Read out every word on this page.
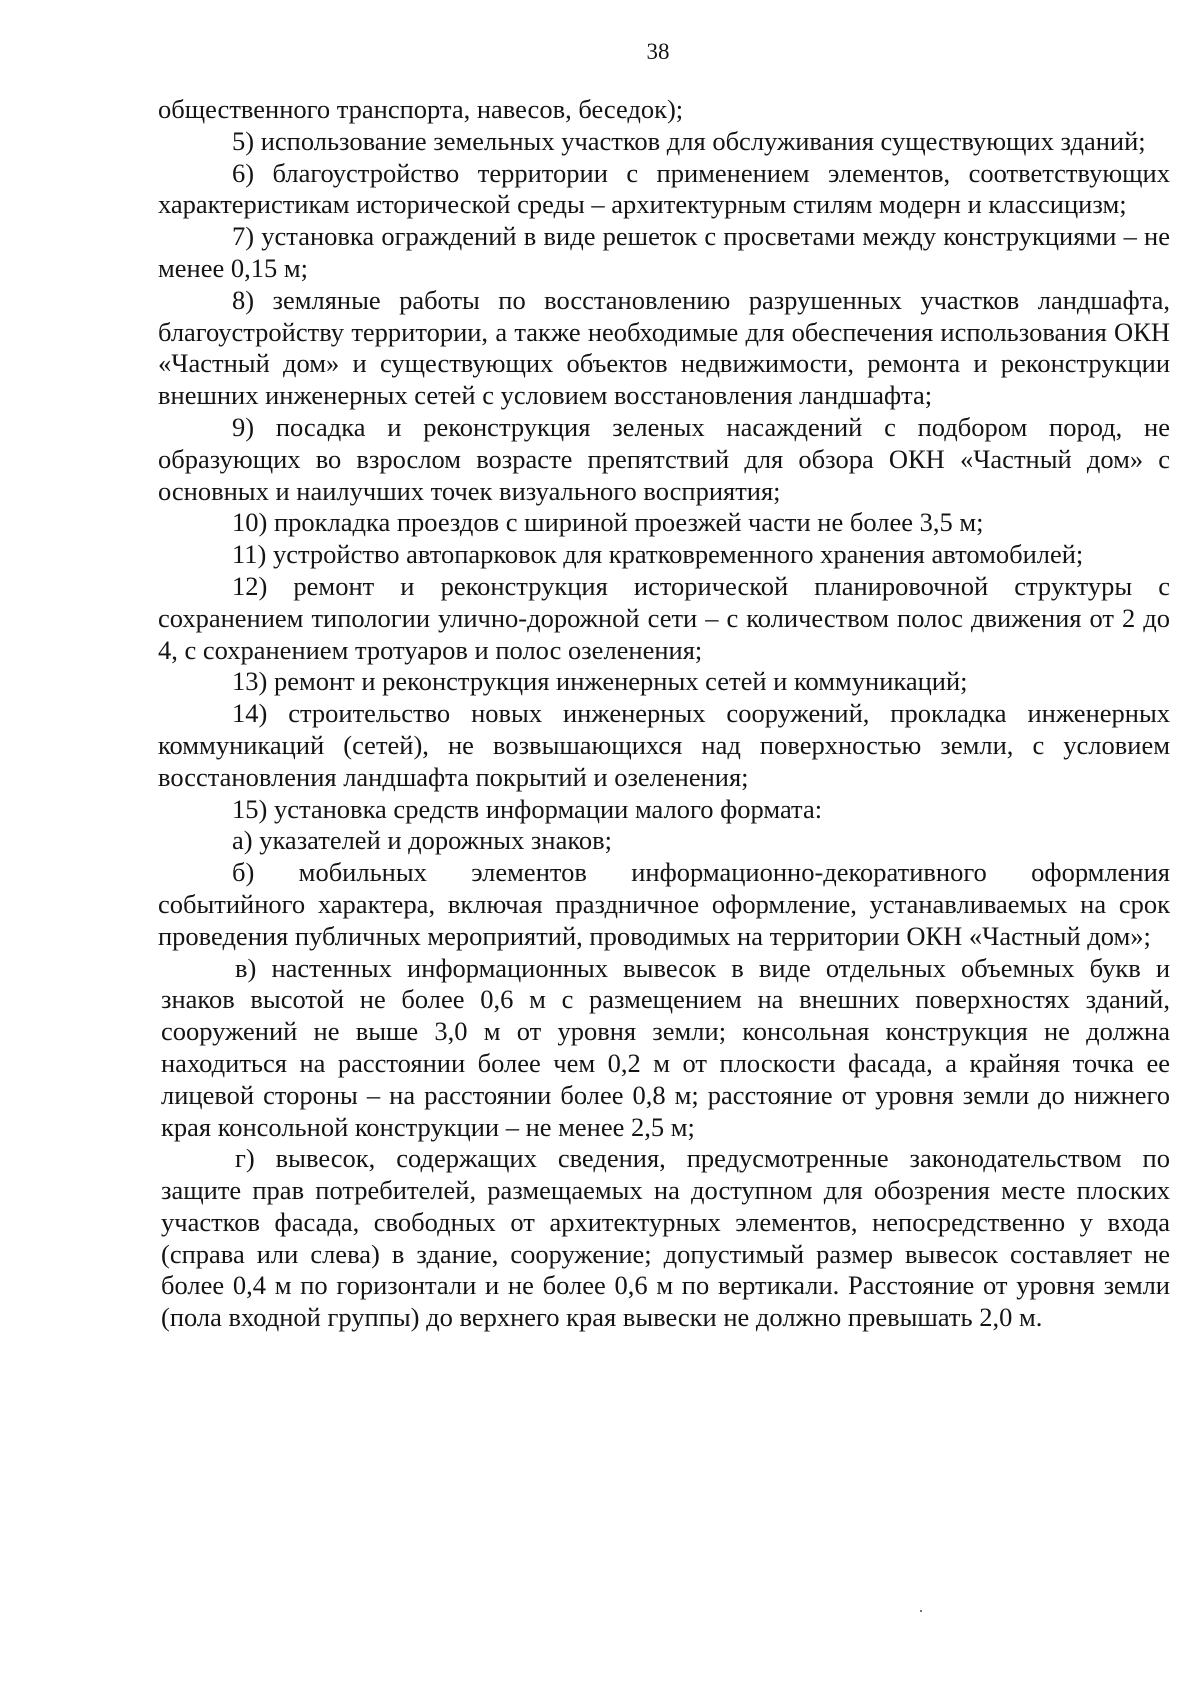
38

общественного транспорта, навесов, беседок);

5) использование земельных участков для обслуживания существующих зданий;

6) благоустройство территории с применением элементов, соответствующих характеристикам исторической среды – архитектурным стилям модерн и классицизм;

7) установка ограждений в виде решеток с просветами между конструкциями – не менее 0,15 м;

8) земляные работы по восстановлению разрушенных участков ландшафта, благоустройству территории, а также необходимые для обеспечения использования ОКН «Частный дом» и существующих объектов недвижимости, ремонта и реконструкции внешних инженерных сетей с условием восстановления ландшафта;

9) посадка и реконструкция зеленых насаждений с подбором пород, не образующих во взрослом возрасте препятствий для обзора ОКН «Частный дом» с основных и наилучших точек визуального восприятия;

10) прокладка проездов с шириной проезжей части не более 3,5 м;

11) устройство автопарковок для кратковременного хранения автомобилей;

12) ремонт и реконструкция исторической планировочной структуры с сохранением типологии улично-дорожной сети – с количеством полос движения от 2 до 4, с сохранением тротуаров и полос озеленения;

13) ремонт и реконструкция инженерных сетей и коммуникаций;

14) строительство новых инженерных сооружений, прокладка инженерных коммуникаций (сетей), не возвышающихся над поверхностью земли, с условием восстановления ландшафта покрытий и озеленения;

15) установка средств информации малого формата:

а) указателей и дорожных знаков;

б) мобильных элементов информационно-декоративного оформления событийного характера, включая праздничное оформление, устанавливаемых на срок проведения публичных мероприятий, проводимых на территории ОКН «Частный дом»;

в) настенных информационных вывесок в виде отдельных объемных букв и знаков высотой не более 0,6 м с размещением на внешних поверхностях зданий, сооружений не выше 3,0 м от уровня земли; консольная конструкция не должна находиться на расстоянии более чем 0,2 м от плоскости фасада, а крайняя точка ее лицевой стороны – на расстоянии более 0,8 м; расстояние от уровня земли до нижнего края консольной конструкции – не менее 2,5 м;

г) вывесок, содержащих сведения, предусмотренные законодательством по защите прав потребителей, размещаемых на доступном для обозрения месте плоских участков фасада, свободных от архитектурных элементов, непосредственно у входа (справа или слева) в здание, сооружение; допустимый размер вывесок составляет не более 0,4 м по горизонтали и не более 0,6 м по вертикали. Расстояние от уровня земли (пола входной группы) до верхнего края вывески не должно превышать 2,0 м.
